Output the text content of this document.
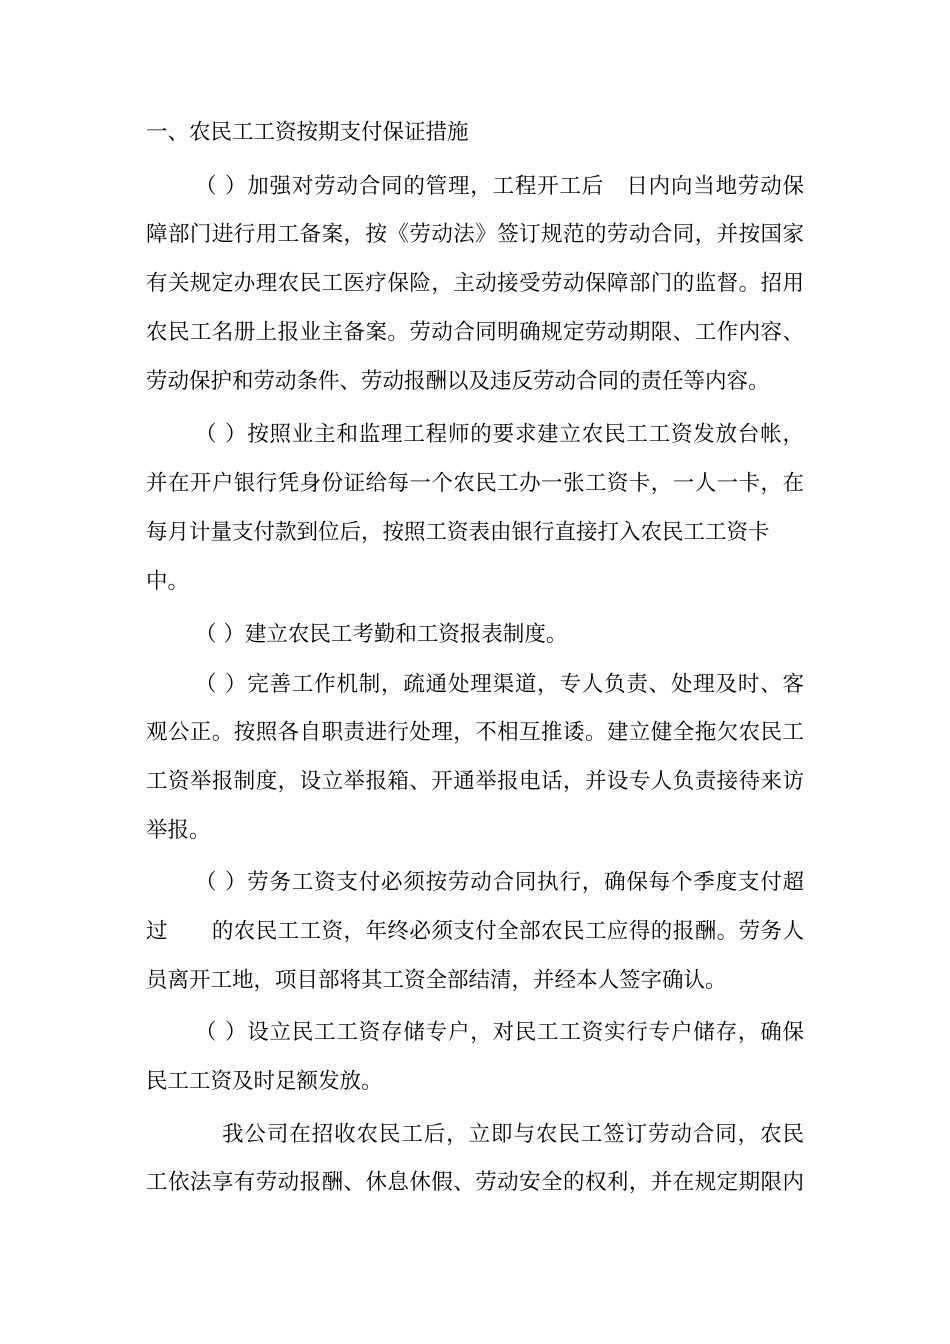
一、农民工工资按期支付保证措施
（ ）加强对劳动合同的管理，工程开工后　日内向当地劳动保
障部门进行用工备案，按《劳动法》签订规范的劳动合同，并按国家
有关规定办理农民工医疗保险，主动接受劳动保障部门的监督。招用
农民工名册上报业主备案。劳动合同明确规定劳动期限、工作内容、
劳动保护和劳动条件、劳动报酬以及违反劳动合同的责任等内容。
（ ）按照业主和监理工程师的要求建立农民工工资发放台帐，
并在开户银行凭身份证给每一个农民工办一张工资卡，一人一卡，在
每月计量支付款到位后，按照工资表由银行直接打入农民工工资卡
中。
（ ）建立农民工考勤和工资报表制度。
（ ）完善工作机制，疏通处理渠道，专人负责、处理及时、客
观公正。按照各自职责进行处理，不相互推诿。建立健全拖欠农民工
工资举报制度，设立举报箱、开通举报电话，并设专人负责接待来访
举报。
（ ）劳务工资支付必须按劳动合同执行，确保每个季度支付超
过　　的农民工工资，年终必须支付全部农民工应得的报酬。劳务人
员离开工地，项目部将其工资全部结清，并经本人签字确认。
（ ）设立民工工资存储专户，对民工工资实行专户储存，确保
民工工资及时足额发放。
我公司在招收农民工后，立即与农民工签订劳动合同，农民
工依法享有劳动报酬、休息休假、劳动安全的权利，并在规定期限内
